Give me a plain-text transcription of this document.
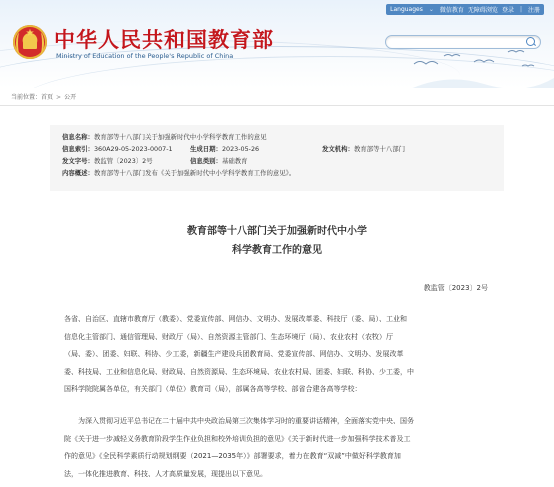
Languages ⌄ 微信教育 无障碍浏览 登录 | 注册
★ 中华人民共和国教育部
Ministry of Education of the People's Republic of China
当前位置：首页 > 公开
信息名称：教育部等十八部门关于加强新时代中小学科学教育工作的意见
信息索引：360A29-05-2023-0007-1	生成日期：2023-05-26	发文机构：教育部等十八部门
发文字号：教监管〔2023〕2号	信息类别：基础教育
内容概述：教育部等十八部门发布《关于加强新时代中小学科学教育工作的意见》。
教育部等十八部门关于加强新时代中小学
科学教育工作的意见
教监管〔2023〕2号
各省、自治区、直辖市教育厅（教委）、党委宣传部、网信办、文明办、发展改革委、科技厅（委、局）、工业和
信息化主管部门、通信管理局、财政厅（局）、自然资源主管部门、生态环境厅（局）、农业农村（农牧）厅
（局、委）、团委、妇联、科协、少工委，新疆生产建设兵团教育局、党委宣传部、网信办、文明办、发展改革
委、科技局、工业和信息化局、财政局、自然资源局、生态环境局、农业农村局、团委、妇联、科协、少工委，中
国科学院院属各单位，有关部门（单位）教育司（局），部属各高等学校、部省合建各高等学校：
为深入贯彻习近平总书记在二十届中共中央政治局第三次集体学习时的重要讲话精神，全面落实党中央、国务
院《关于进一步减轻义务教育阶段学生作业负担和校外培训负担的意见》《关于新时代进一步加强科学技术普及工
作的意见》《全民科学素质行动规划纲要（2021—2035年）》部署要求，着力在教育“双减”中做好科学教育加
法，一体化推进教育、科技、人才高质量发展，现提出以下意见。
